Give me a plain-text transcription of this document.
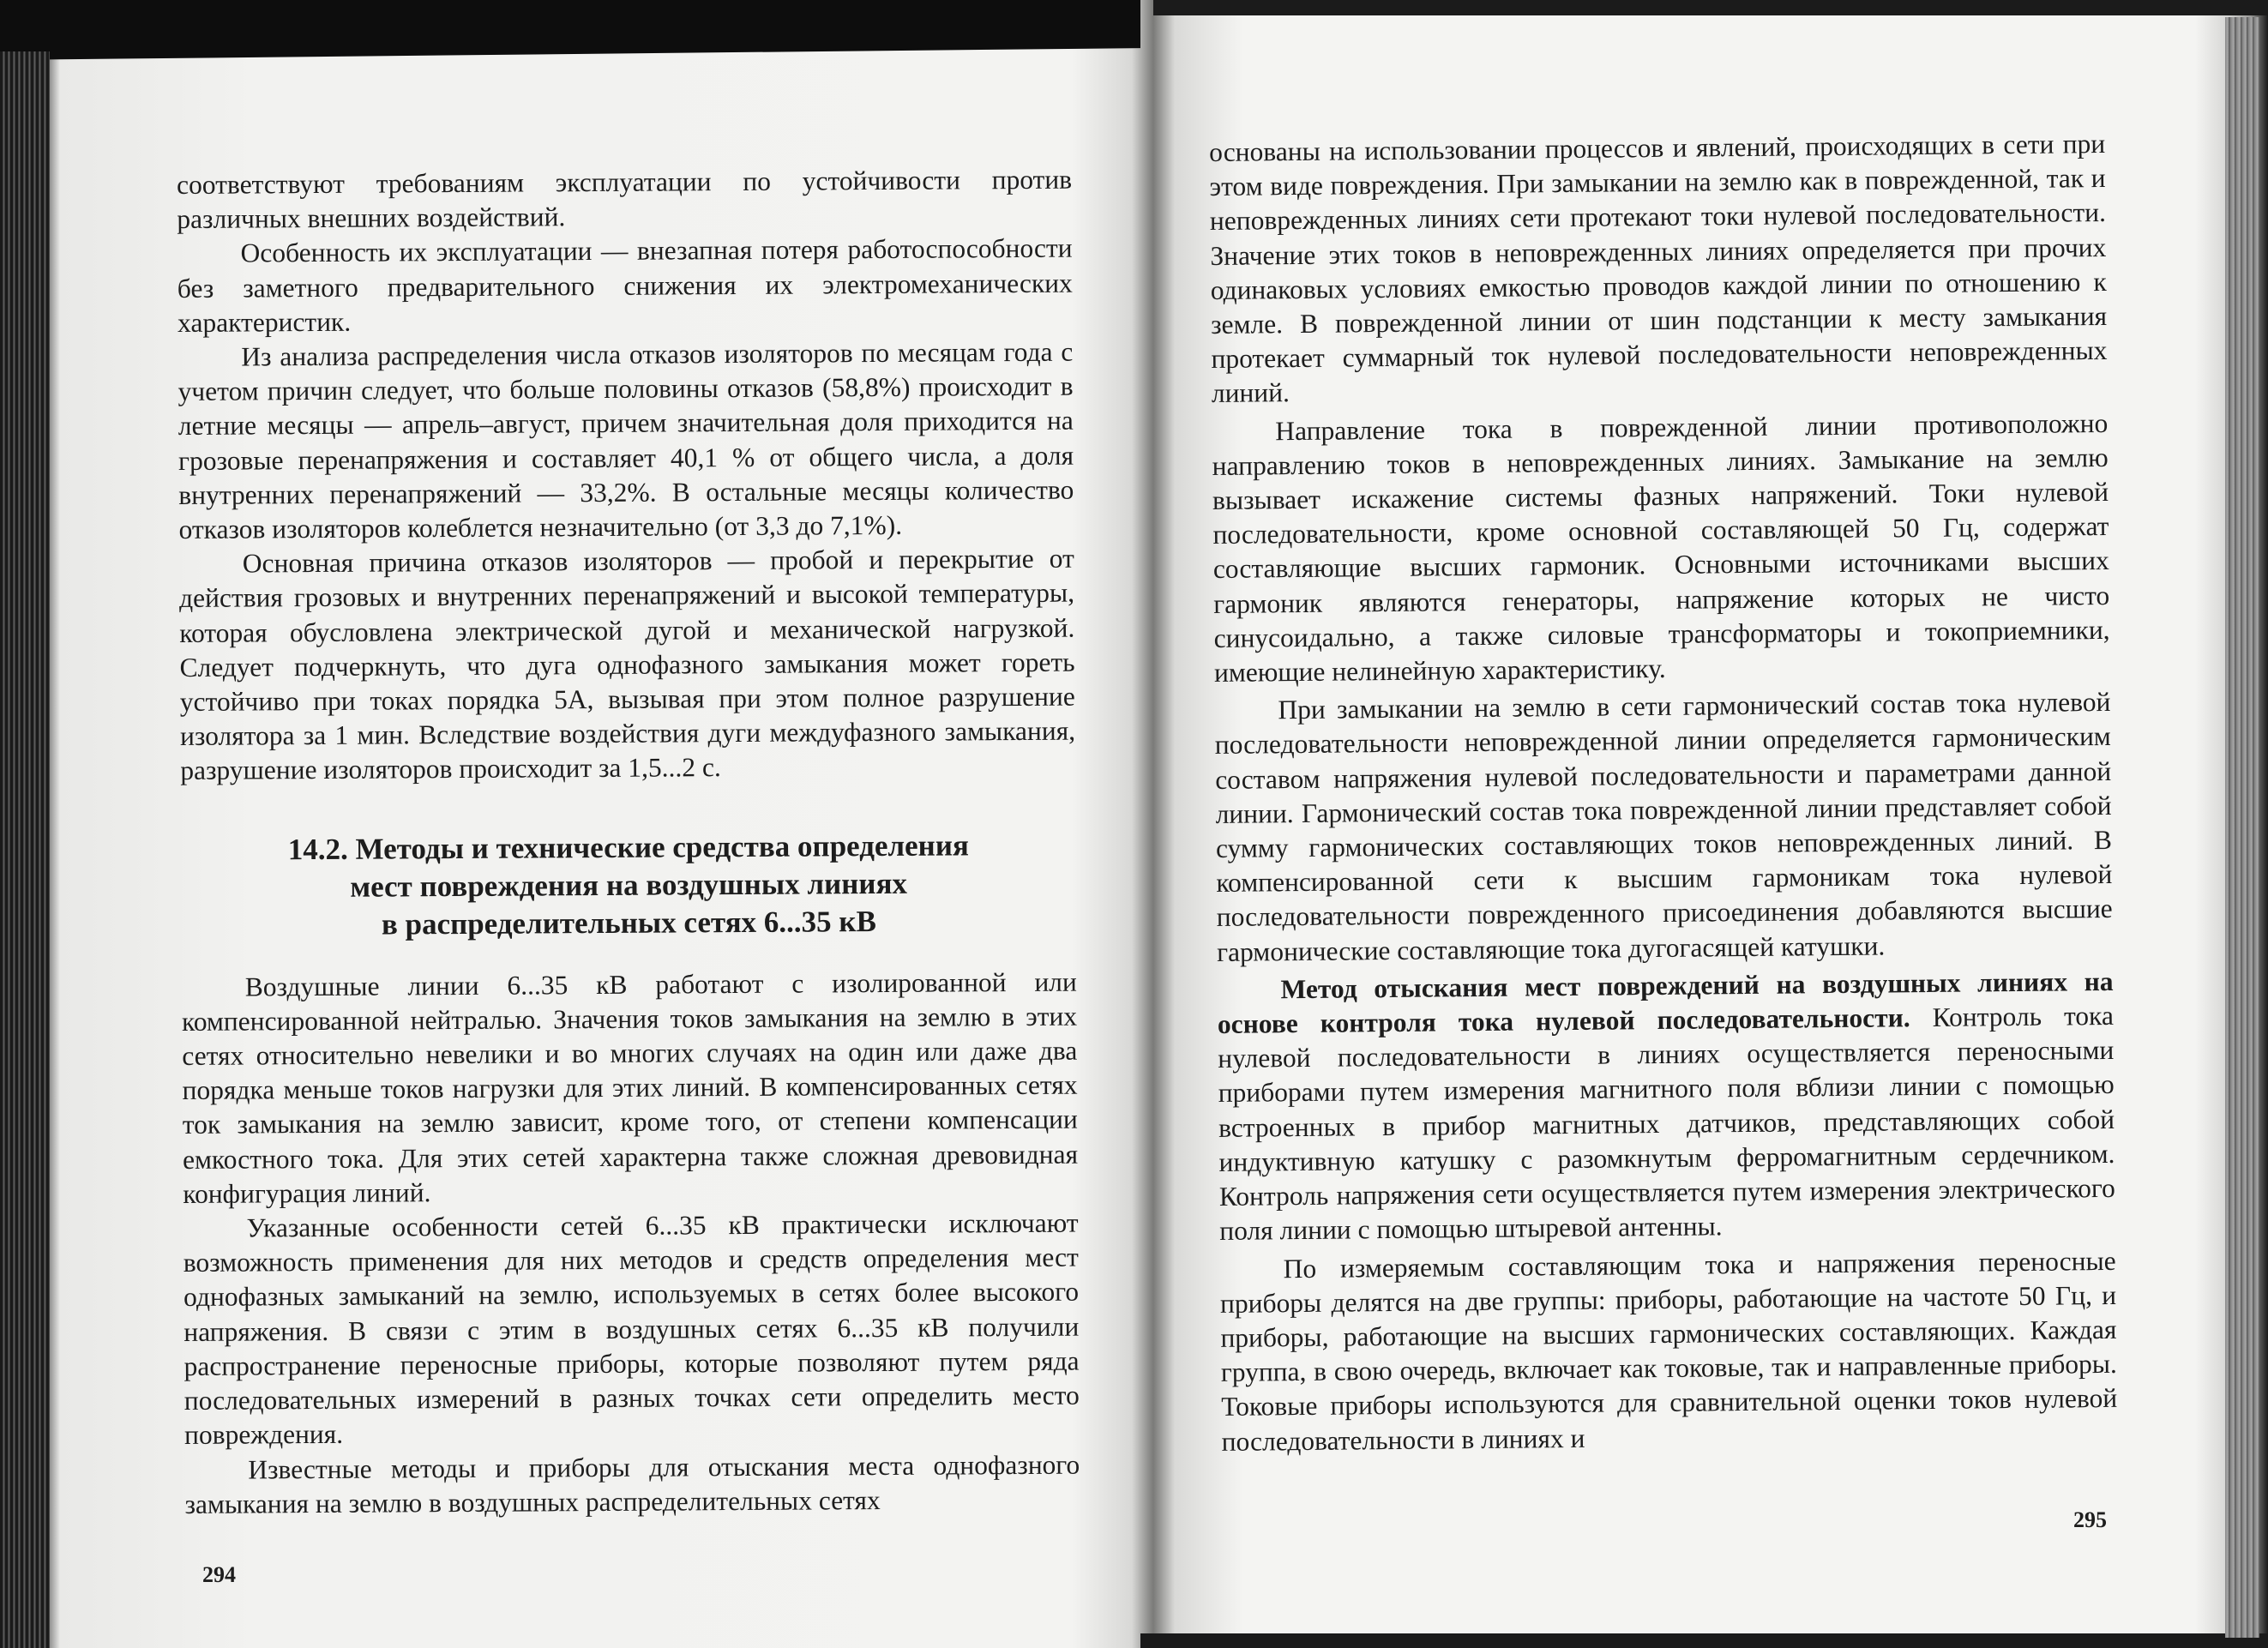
соответствуют требованиям эксплуатации по устойчивости против различных внешних воздействий.

Особенность их эксплуатации — внезапная потеря работоспособности без заметного предварительного снижения их электромеханических характеристик.

Из анализа распределения числа отказов изоляторов по месяцам года с учетом причин следует, что больше половины отказов (58,8%) происходит в летние месяцы — апрель–август, причем значительная доля приходится на грозовые перенапряжения и составляет 40,1 % от общего числа, а доля внутренних перенапряжений — 33,2%. В остальные месяцы количество отказов изоляторов колеблется незначительно (от 3,3 до 7,1%).

Основная причина отказов изоляторов — пробой и перекрытие от действия грозовых и внутренних перенапряжений и высокой температуры, которая обусловлена электрической дугой и механической нагрузкой. Следует подчеркнуть, что дуга однофазного замыкания может гореть устойчиво при токах порядка 5А, вызывая при этом полное разрушение изолятора за 1 мин. Вследствие воздействия дуги междуфазного замыкания, разрушение изоляторов происходит за 1,5...2 с.

14.2. Методы и технические средства определения
мест повреждения на воздушных линиях
в распределительных сетях 6...35 кВ

Воздушные линии 6...35 кВ работают с изолированной или компенсированной нейтралью. Значения токов замыкания на землю в этих сетях относительно невелики и во многих случаях на один или даже два порядка меньше токов нагрузки для этих линий. В компенсированных сетях ток замыкания на землю зависит, кроме того, от степени компенсации емкостного тока. Для этих сетей характерна также сложная древовидная конфигурация линий.

Указанные особенности сетей 6...35 кВ практически исключают возможность применения для них методов и средств определения мест однофазных замыканий на землю, используемых в сетях более высокого напряжения. В связи с этим в воздушных сетях 6...35 кВ получили распространение переносные приборы, которые позволяют путем ряда последовательных измерений в разных точках сети определить место повреждения.

Известные методы и приборы для отыскания места однофазного замыкания на землю в воздушных распределительных сетях

294

основаны на использовании процессов и явлений, происходящих в сети при этом виде повреждения. При замыкании на землю как в поврежденной, так и неповрежденных линиях сети протекают токи нулевой последовательности. Значение этих токов в неповрежденных линиях определяется при прочих одинаковых условиях емкостью проводов каждой линии по отношению к земле. В поврежденной линии от шин подстанции к месту замыкания протекает суммарный ток нулевой последовательности неповрежденных линий.

Направление тока в поврежденной линии противоположно направлению токов в неповрежденных линиях. Замыкание на землю вызывает искажение системы фазных напряжений. Токи нулевой последовательности, кроме основной составляющей 50 Гц, содержат составляющие высших гармоник. Основными источниками высших гармоник являются генераторы, напряжение которых не чисто синусоидально, а также силовые трансформаторы и токоприемники, имеющие нелинейную характеристику.

При замыкании на землю в сети гармонический состав тока нулевой последовательности неповрежденной линии определяется гармоническим составом напряжения нулевой последовательности и параметрами данной линии. Гармонический состав тока поврежденной линии представляет собой сумму гармонических составляющих токов неповрежденных линий. В компенсированной сети к высшим гармоникам тока нулевой последовательности поврежденного присоединения добавляются высшие гармонические составляющие тока дугогасящей катушки.

Метод отыскания мест повреждений на воздушных линиях на основе контроля тока нулевой последовательности. Контроль тока нулевой последовательности в линиях осуществляется переносными приборами путем измерения магнитного поля вблизи линии с помощью встроенных в прибор магнитных датчиков, представляющих собой индуктивную катушку с разомкнутым ферромагнитным сердечником. Контроль напряжения сети осуществляется путем измерения электрического поля линии с помощью штыревой антенны.

По измеряемым составляющим тока и напряжения переносные приборы делятся на две группы: приборы, работающие на частоте 50 Гц, и приборы, работающие на высших гармонических составляющих. Каждая группа, в свою очередь, включает как токовые, так и направленные приборы. Токовые приборы используются для сравнительной оценки токов нулевой последовательности в линиях и

295
